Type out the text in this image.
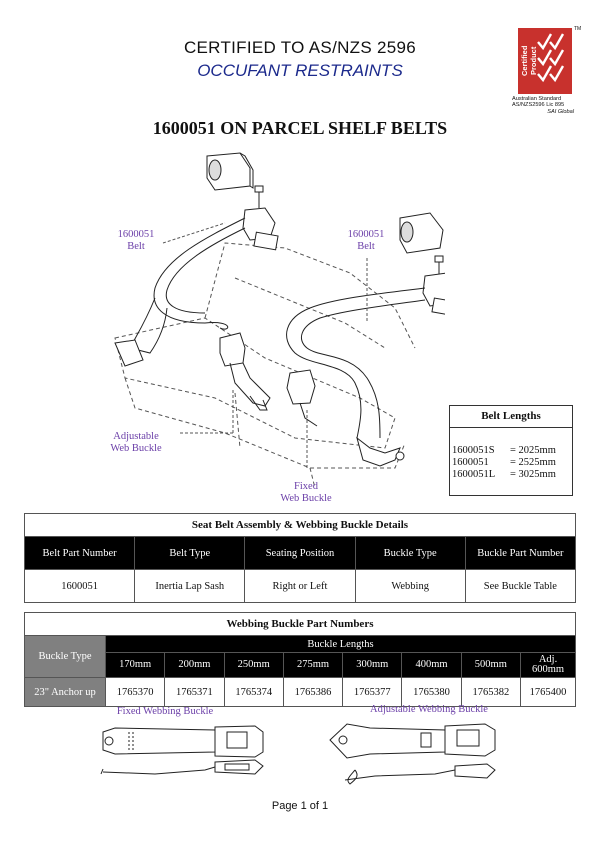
CERTIFIED TO AS/NZS 2596
OCCUFANT RESTRAINTS	Certified Product
TM
Australian Standard
AS/NZS2596 Lic 895
SAI Global
1600051 ON PARCEL SHELF BELTS
1600051
Belt
1600051
Belt
Adjustable
Web Buckle
Fixed
Web Buckle
Belt Lengths
1600051S	= 2025mm
1600051	= 2525mm
1600051L	= 3025mm
Seat Belt Assembly & Webbing Buckle Details				
Belt Part Number	Belt Type	Seating Position	Buckle Type	Buckle Part Number
1600051	Inertia Lap Sash	Right or Left	Webbing	See Buckle Table
Webbing Buckle Part Numbers								
Buckle Type	Buckle Lengths							
	170mm	200mm	250mm	275mm	300mm	400mm	500mm	Adj. 600mm
23" Anchor up	1765370	1765371	1765374	1765386	1765377	1765380	1765382	1765400
Fixed Webbing Buckle	Adjustable Webbing Buckle
Page 1 of 1
